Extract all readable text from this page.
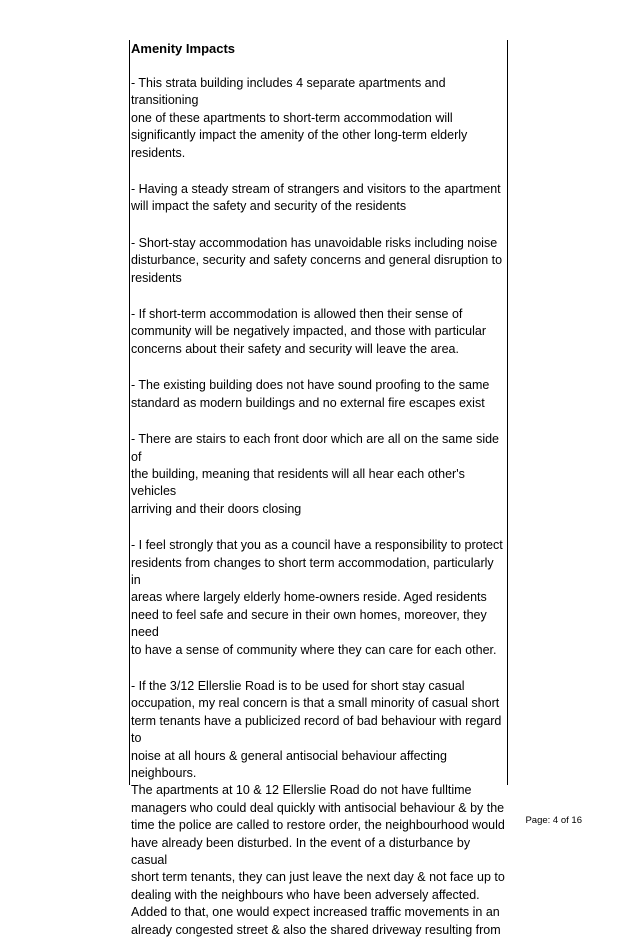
Amenity Impacts

- This strata building includes 4 separate apartments and transitioning
one of these apartments to short-term accommodation will
significantly impact the amenity of the other long-term elderly
residents.

- Having a steady stream of strangers and visitors to the apartment
will impact the safety and security of the residents

- Short-stay accommodation has unavoidable risks including noise
disturbance, security and safety concerns and general disruption to
residents

- If short-term accommodation is allowed then their sense of
community will be negatively impacted, and those with particular
concerns about their safety and security will leave the area.

- The existing building does not have sound proofing to the same
standard as modern buildings and no external fire escapes exist

- There are stairs to each front door which are all on the same side of
the building, meaning that residents will all hear each other's vehicles
arriving and their doors closing

- I feel strongly that you as a council have a responsibility to protect
residents from changes to short term accommodation, particularly in
areas where largely elderly home-owners reside. Aged residents
need to feel safe and secure in their own homes, moreover, they need
to have a sense of community where they can care for each other.

- If the 3/12 Ellerslie Road is to be used for short stay casual
occupation, my real concern is that a small minority of casual short
term tenants have a publicized record of bad behaviour with regard to
noise at all hours & general antisocial behaviour affecting neighbours.
The apartments at 10 & 12 Ellerslie Road do not have fulltime
managers who could deal quickly with antisocial behaviour & by the
time the police are called to restore order, the neighbourhood would
have already been disturbed. In the event of a disturbance by casual
short term tenants, they can just leave the next day & not face up to
dealing with the neighbours who have been adversely affected.
Added to that, one would expect increased traffic movements in an
already congested street & also the shared driveway resulting from

Page: 4 of 16
